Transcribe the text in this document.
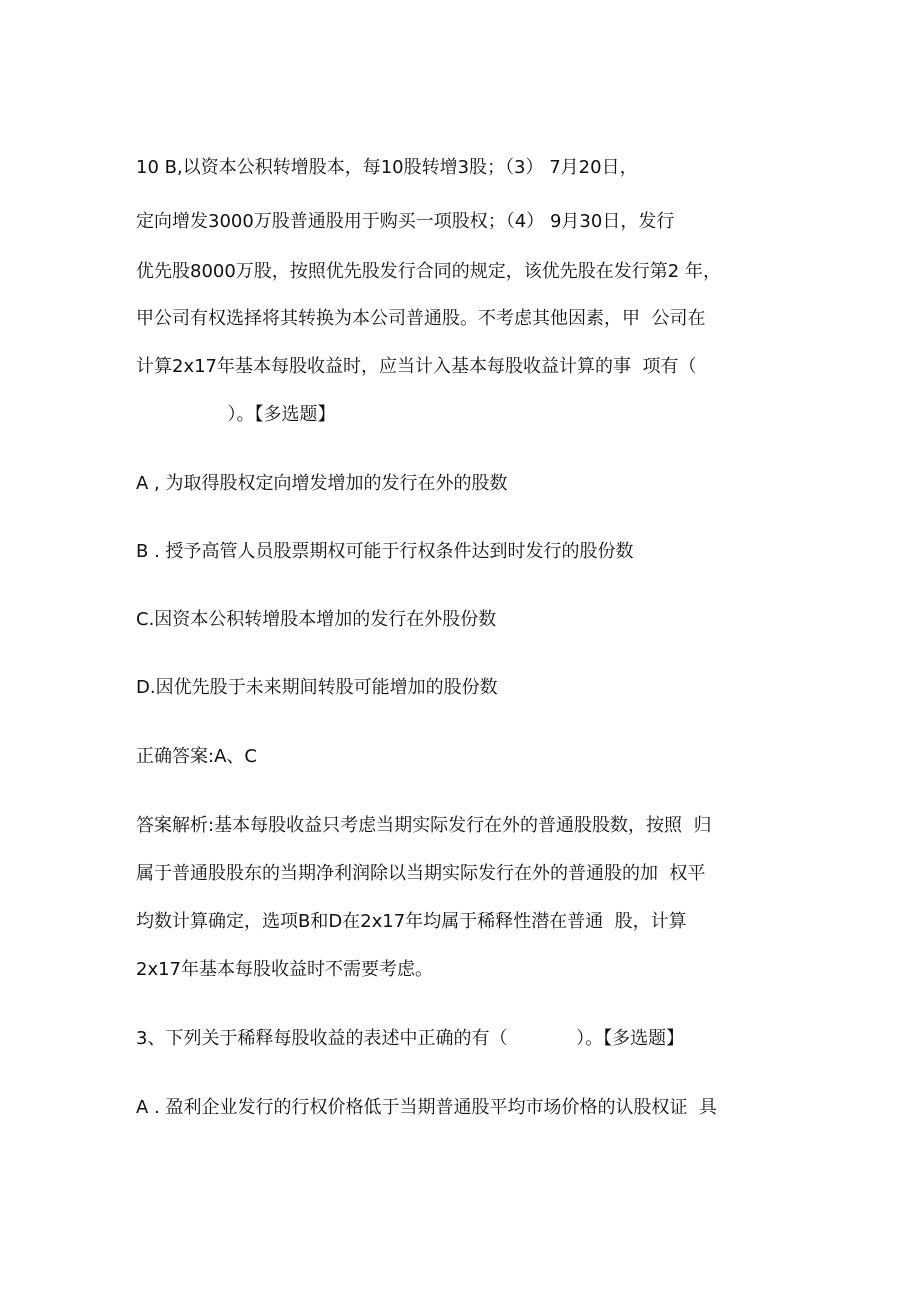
10 B,以资本公积转增股本，每10股转增3股；（3） 7月20日，
定向增发3000万股普通股用于购买一项股权；（4） 9月30日，发行
优先股8000万股，按照优先股发行合同的规定，该优先股在发行第2 年，
甲公司有权选择将其转换为本公司普通股。不考虑其他因素，甲  公司在
计算2x17年基本每股收益时，应当计入基本每股收益计算的事  项有（
）。【多选题】
A , 为取得股权定向增发增加的发行在外的股数
B . 授予高管人员股票期权可能于行权条件达到时发行的股份数
C.因资本公积转增股本增加的发行在外股份数
D.因优先股于未来期间转股可能增加的股份数
正确答案:A、C
答案解析:基本每股收益只考虑当期实际发行在外的普通股股数，按照  归
属于普通股股东的当期净利润除以当期实际发行在外的普通股的加  权平
均数计算确定，选项B和D在2x17年均属于稀释性潜在普通  股，计算
2x17年基本每股收益时不需要考虑。
3、下列关于稀释每股收益的表述中正确的有（            ）。【多选题】
A . 盈利企业发行的行权价格低于当期普通股平均市场价格的认股权证  具
